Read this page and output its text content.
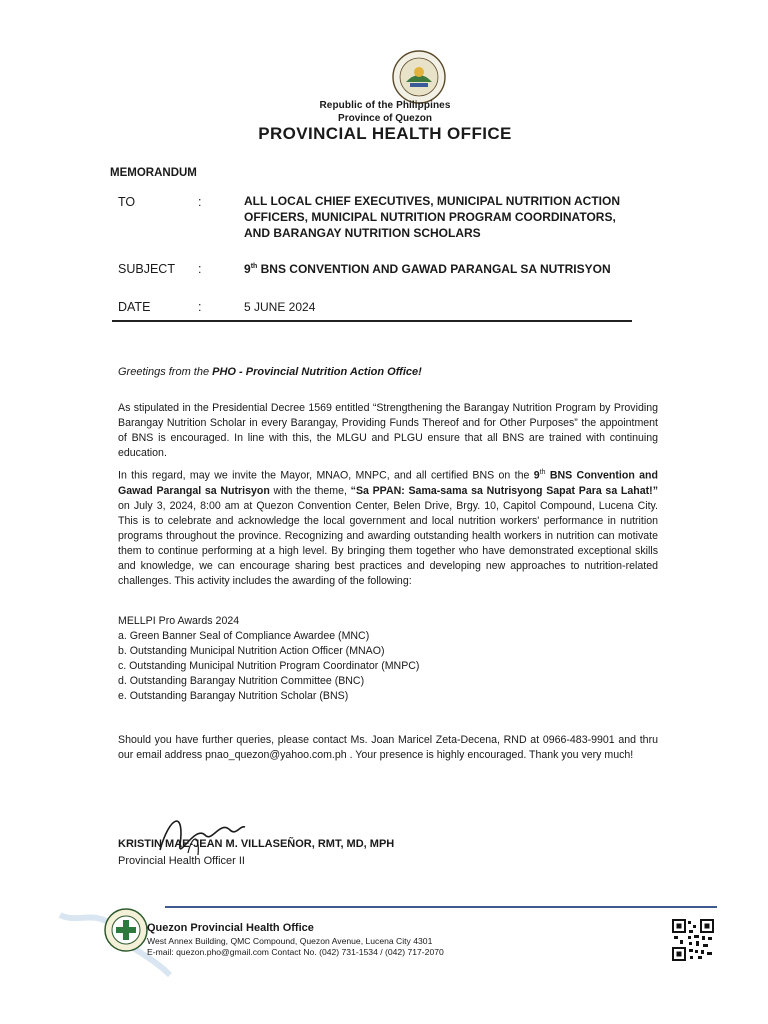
Republic of the Philippines
Province of Quezon
PROVINCIAL HEALTH OFFICE
MEMORANDUM
TO	:	ALL LOCAL CHIEF EXECUTIVES, MUNICIPAL NUTRITION ACTION OFFICERS, MUNICIPAL NUTRITION PROGRAM COORDINATORS, AND BARANGAY NUTRITION SCHOLARS
SUBJECT :	9th BNS CONVENTION AND GAWAD PARANGAL SA NUTRISYON
DATE	:	5 JUNE 2024
Greetings from the PHO - Provincial Nutrition Action Office!
As stipulated in the Presidential Decree 1569 entitled “Strengthening the Barangay Nutrition Program by Providing Barangay Nutrition Scholar in every Barangay, Providing Funds Thereof and for Other Purposes” the appointment of BNS is encouraged. In line with this, the MLGU and PLGU ensure that all BNS are trained with continuing education.
In this regard, may we invite the Mayor, MNAO, MNPC, and all certified BNS on the 9th BNS Convention and Gawad Parangal sa Nutrisyon with the theme, “Sa PPAN: Sama-sama sa Nutrisyong Sapat Para sa Lahat!” on July 3, 2024, 8:00 am at Quezon Convention Center, Belen Drive, Brgy. 10, Capitol Compound, Lucena City. This is to celebrate and acknowledge the local government and local nutrition workers' performance in nutrition programs throughout the province. Recognizing and awarding outstanding health workers in nutrition can motivate them to continue performing at a high level. By bringing them together who have demonstrated exceptional skills and knowledge, we can encourage sharing best practices and developing new approaches to nutrition-related challenges. This activity includes the awarding of the following:
MELLPI Pro Awards 2024
a. Green Banner Seal of Compliance Awardee (MNC)
b. Outstanding Municipal Nutrition Action Officer (MNAO)
c. Outstanding Municipal Nutrition Program Coordinator (MNPC)
d. Outstanding Barangay Nutrition Committee (BNC)
e. Outstanding Barangay Nutrition Scholar (BNS)
Should you have further queries, please contact Ms. Joan Maricel Zeta-Decena, RND at 0966-483-9901 and thru our email address pnao_quezon@yahoo.com.ph . Your presence is highly encouraged. Thank you very much!
KRISTIN MAE-JEAN M. VILLASEÑOR, RMT, MD, MPH
Provincial Health Officer II
Quezon Provincial Health Office
West Annex Building, QMC Compound, Quezon Avenue, Lucena City 4301
E-mail: quezon.pho@gmail.com Contact No. (042) 731-1534 / (042) 717-2070
